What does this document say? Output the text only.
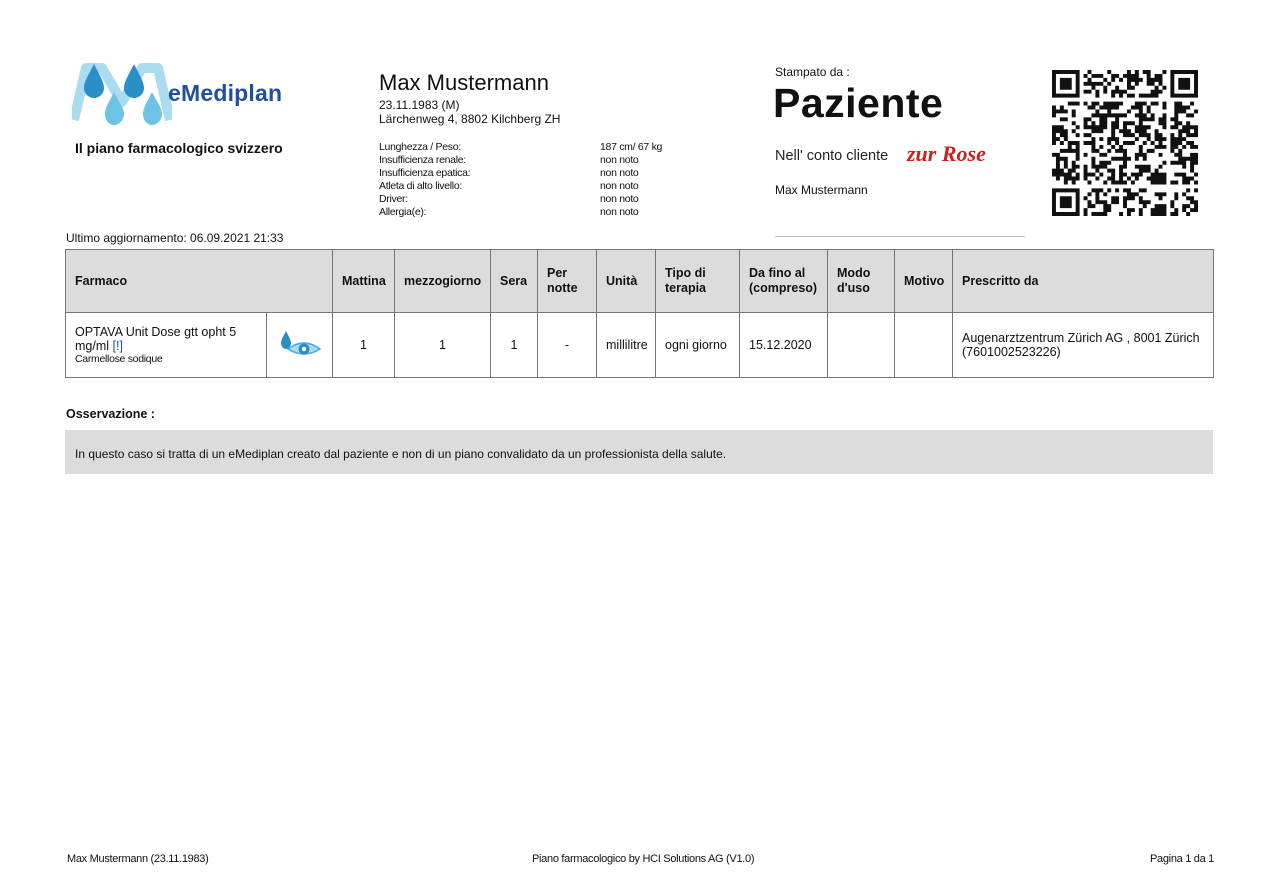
eMediplan
Il piano farmacologico svizzero
Max Mustermann
23.11.1983 (M)
Lärchenweg 4, 8802 Kilchberg ZH
Lunghezza / Peso:	187 cm/ 67 kg
Insufficienza renale:	non noto
Insufficienza epatica:	non noto
Atleta di alto livello:	non noto
Driver:	non noto
Allergia(e):	non noto
Stampato da :
Paziente
Nell' conto cliente zur Rose
Max Mustermann
Ultimo aggiornamento: 06.09.2021 21:33
Farmaco		Mattina	mezzogiorno	Sera	Per notte	Unità	Tipo di terapia	Da fino al (compreso)	Modo d'uso	Motivo	Prescritto da

OPTAVA Unit Dose gtt opht 5 mg/ml [!]
Carmellose sodique		1	1	1	-	millilitre	ogni giorno	15.12.2020			Augenarztzentrum Zürich AG , 8001 Zürich (7601002523226)
Osservazione :
In questo caso si tratta di un eMediplan creato dal paziente e non di un piano convalidato da un professionista della salute.
Max Mustermann (23.11.1983)	Piano farmacologico by HCI Solutions AG (V1.0)	Pagina 1 da 1
